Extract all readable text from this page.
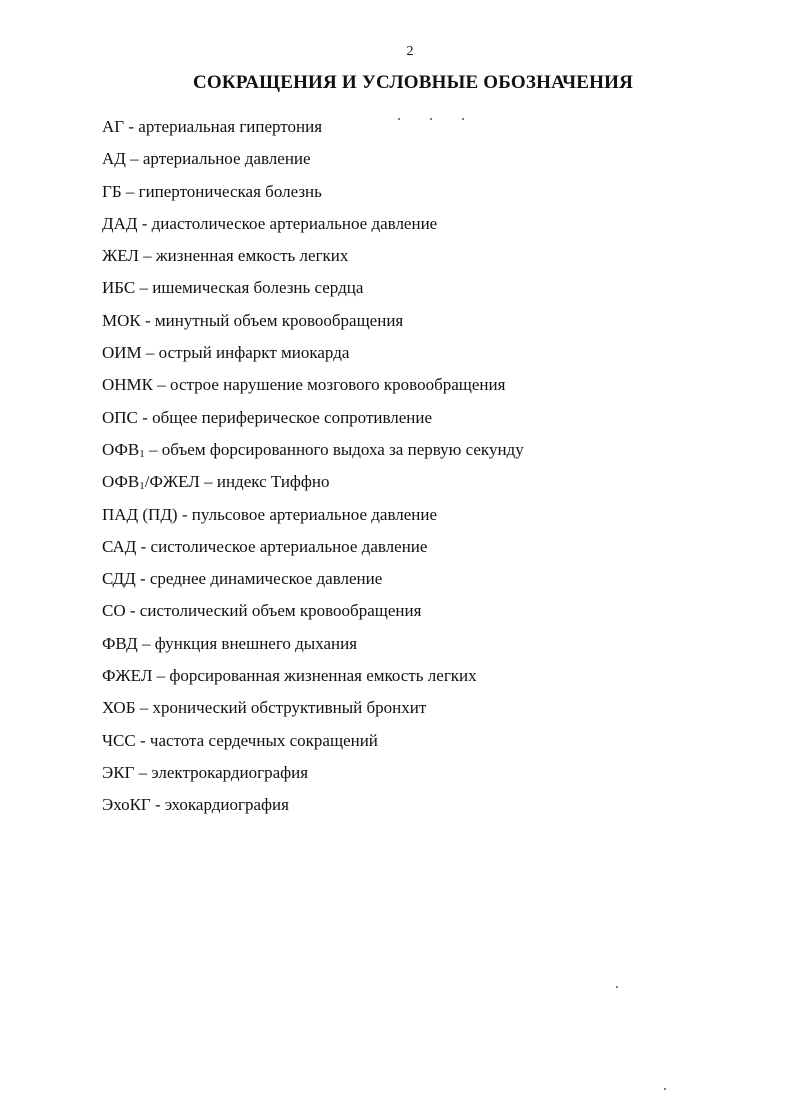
2
СОКРАЩЕНИЯ И УСЛОВНЫЕ ОБОЗНАЧЕНИЯ
АГ - артериальная гипертония
АД – артериальное давление
ГБ – гипертоническая болезнь
ДАД - диастолическое артериальное давление
ЖЕЛ – жизненная емкость легких
ИБС – ишемическая болезнь сердца
МОК - минутный объем кровообращения
ОИМ – острый инфаркт миокарда
ОНМК – острое нарушение мозгового кровообращения
ОПС - общее периферическое сопротивление
$ОФВ_1$ – объем форсированного выдоха за первую секунду
$ОФВ_1$/ФЖЕЛ – индекс Тиффно
ПАД (ПД) - пульсовое артериальное давление
САД - систолическое артериальное давление
СДД - среднее динамическое давление
СО - систолический объем кровообращения
ФВД – функция внешнего дыхания
ФЖЕЛ – форсированная жизненная емкость легких
ХОБ – хронический обструктивный бронхит
ЧСС - частота сердечных сокращений
ЭКГ – электрокардиография
ЭхоКГ - эхокардиография
